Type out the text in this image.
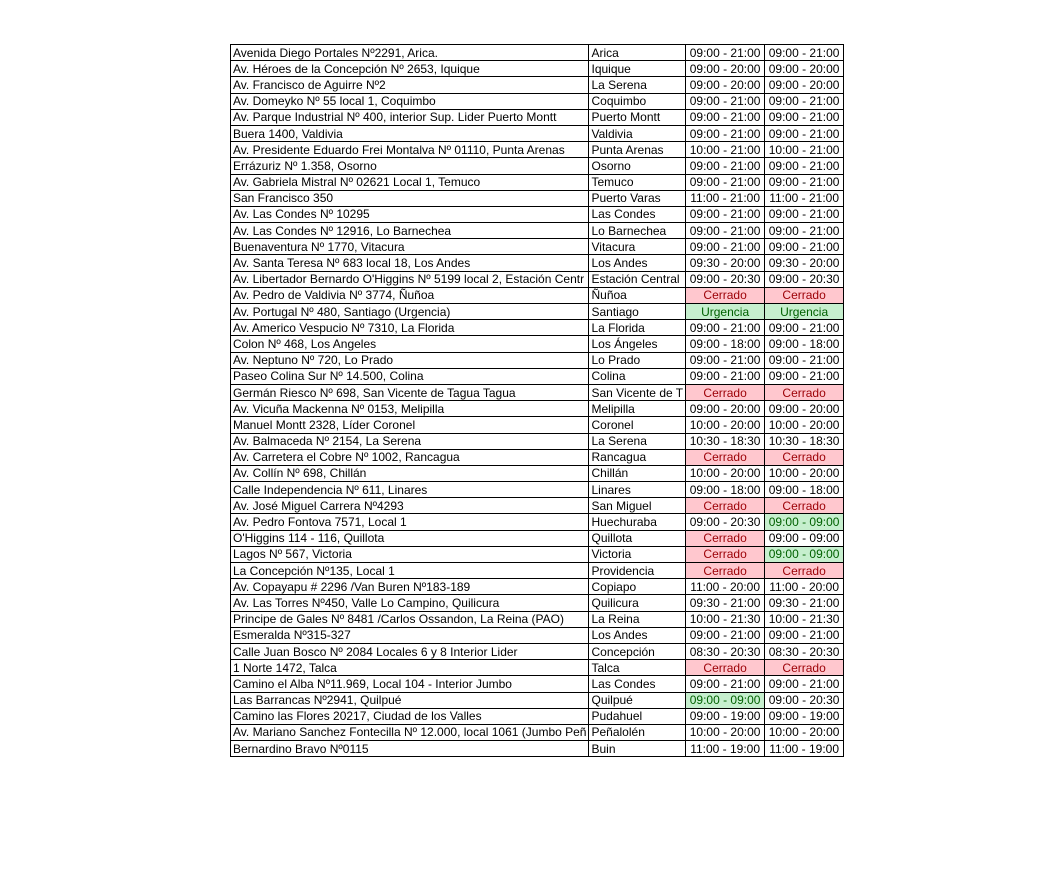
Avenida Diego Portales Nº2291, Arica.	Arica	09:00 - 21:00	09:00 - 21:00
Av. Héroes de la Concepción Nº 2653, Iquique	Iquique	09:00 - 20:00	09:00 - 20:00
Av. Francisco de Aguirre Nº2	La Serena	09:00 - 20:00	09:00 - 20:00
Av. Domeyko Nº 55 local 1, Coquimbo	Coquimbo	09:00 - 21:00	09:00 - 21:00
Av. Parque Industrial Nº 400, interior Sup. Lider Puerto Montt	Puerto Montt	09:00 - 21:00	09:00 - 21:00
Buera 1400, Valdivia	Valdivia	09:00 - 21:00	09:00 - 21:00
Av. Presidente Eduardo Frei Montalva Nº 01110, Punta Arenas	Punta Arenas	10:00 - 21:00	10:00 - 21:00
Errázuriz Nº 1.358, Osorno	Osorno	09:00 - 21:00	09:00 - 21:00
Av. Gabriela Mistral Nº 02621 Local 1, Temuco	Temuco	09:00 - 21:00	09:00 - 21:00
San Francisco 350	Puerto Varas	11:00 - 21:00	11:00 - 21:00
Av. Las Condes Nº 10295	Las Condes	09:00 - 21:00	09:00 - 21:00
Av. Las Condes Nº 12916, Lo Barnechea	Lo Barnechea	09:00 - 21:00	09:00 - 21:00
Buenaventura Nº 1770, Vitacura	Vitacura	09:00 - 21:00	09:00 - 21:00
Av. Santa Teresa Nº 683 local 18, Los Andes	Los Andes	09:30 - 20:00	09:30 - 20:00
Av. Libertador Bernardo O'Higgins Nº 5199 local 2, Estación Centr	Estación Central	09:00 - 20:30	09:00 - 20:30
Av. Pedro de Valdivia Nº 3774, Ñuñoa	Ñuñoa	Cerrado	Cerrado
Av. Portugal Nº 480, Santiago (Urgencia)	Santiago	Urgencia	Urgencia
Av. Americo Vespucio Nº 7310, La Florida	La Florida	09:00 - 21:00	09:00 - 21:00
Colon Nº 468, Los Angeles	Los Ángeles	09:00 - 18:00	09:00 - 18:00
Av. Neptuno Nº 720, Lo Prado	Lo Prado	09:00 - 21:00	09:00 - 21:00
Paseo Colina Sur Nº 14.500, Colina	Colina	09:00 - 21:00	09:00 - 21:00
Germán Riesco Nº 698, San Vicente de Tagua Tagua	San Vicente de T	Cerrado	Cerrado
Av. Vicuña Mackenna Nº 0153, Melipilla	Melipilla	09:00 - 20:00	09:00 - 20:00
Manuel Montt 2328, Líder Coronel	Coronel	10:00 - 20:00	10:00 - 20:00
Av. Balmaceda Nº 2154, La Serena	La Serena	10:30 - 18:30	10:30 - 18:30
Av. Carretera el Cobre Nº 1002, Rancagua	Rancagua	Cerrado	Cerrado
Av. Collín Nº 698, Chillán	Chillán	10:00 - 20:00	10:00 - 20:00
Calle Independencia Nº 611, Linares	Linares	09:00 - 18:00	09:00 - 18:00
Av. José Miguel Carrera Nº4293	San Miguel	Cerrado	Cerrado
Av. Pedro Fontova 7571, Local 1	Huechuraba	09:00 - 20:30	09:00 - 09:00
O'Higgins 114 - 116, Quillota	Quillota	Cerrado	09:00 - 09:00
Lagos Nº 567, Victoria	Victoria	Cerrado	09:00 - 09:00
La Concepción Nº135, Local 1	Providencia	Cerrado	Cerrado
Av. Copayapu # 2296 /Van Buren Nº183-189	Copiapo	11:00 - 20:00	11:00 - 20:00
Av. Las Torres Nº450, Valle Lo Campino, Quilicura	Quilicura	09:30 - 21:00	09:30 - 21:00
Principe de Gales Nº 8481 /Carlos Ossandon, La Reina (PAO)	La Reina	10:00 - 21:30	10:00 - 21:30
Esmeralda Nº315-327	Los Andes	09:00 - 21:00	09:00 - 21:00
Calle Juan Bosco Nº 2084 Locales 6 y 8 Interior Lider	Concepción	08:30 - 20:30	08:30 - 20:30
1 Norte 1472, Talca	Talca	Cerrado	Cerrado
Camino el Alba Nº11.969, Local 104 - Interior Jumbo	Las Condes	09:00 - 21:00	09:00 - 21:00
Las Barrancas Nº2941, Quilpué	Quilpué	09:00 - 09:00	09:00 - 20:30
Camino las Flores 20217, Ciudad de los Valles	Pudahuel	09:00 - 19:00	09:00 - 19:00
Av. Mariano Sanchez Fontecilla Nº 12.000, local 1061 (Jumbo Peñ	Peñalolén	10:00 - 20:00	10:00 - 20:00
Bernardino Bravo Nº0115	Buin	11:00 - 19:00	11:00 - 19:00
